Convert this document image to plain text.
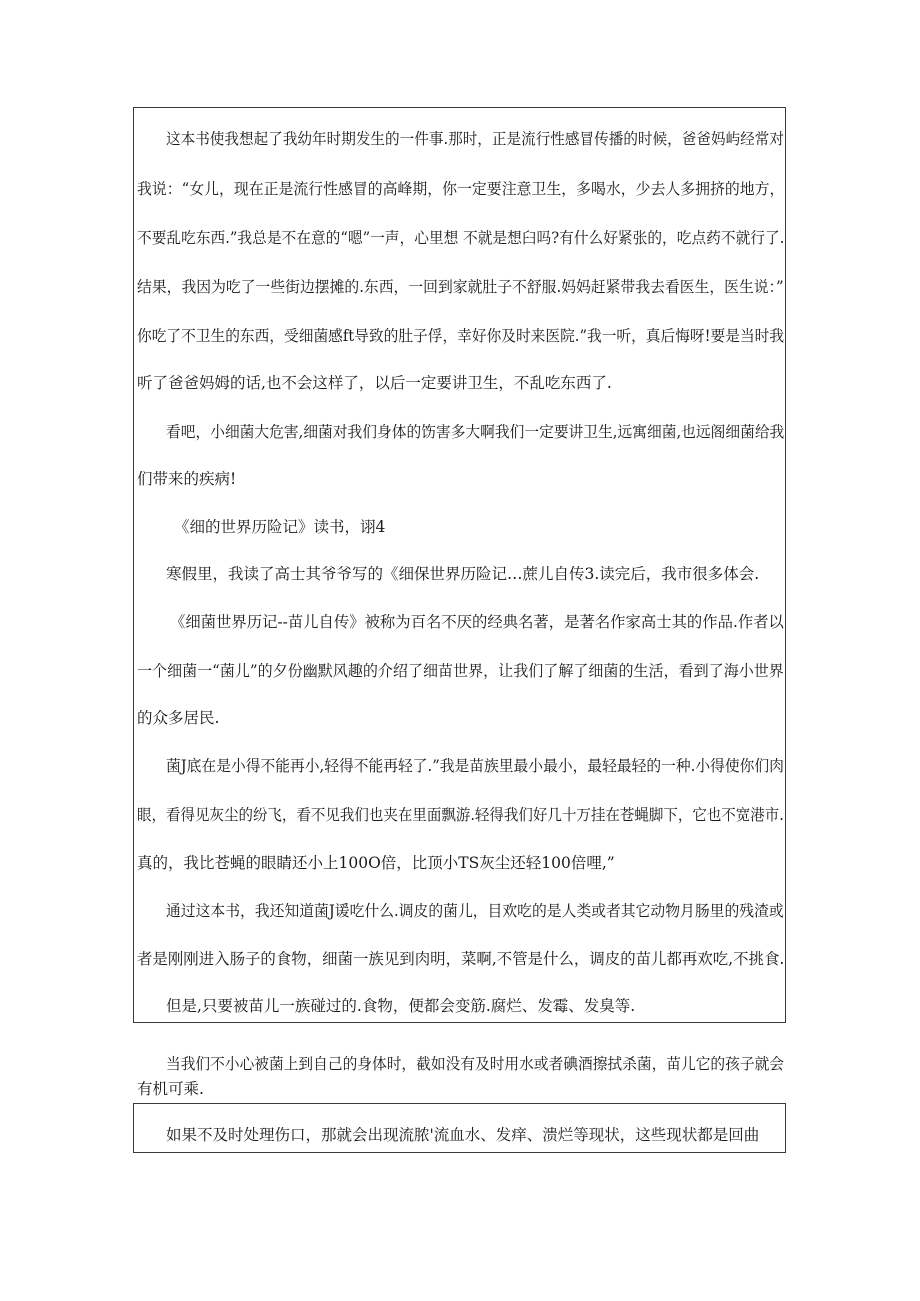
这本书使我想起了我幼年时期发生的一件事.那时，正是流行性感冒传播的时候，爸爸妈屿经常对

我说：“女儿，现在正是流行性感冒的高峰期，你一定要注意卫生，多喝水，少去人多拥挤的地方，

不要乱吃东西.”我总是不在意的“嗯”一声，心里想 不就是想臼吗?有什么好紧张的，吃点药不就行了.

结果，我因为吃了一些街边摆摊的.东西，一回到家就肚子不舒服.妈妈赶紧带我去看医生，医生说：”

你吃了不卫生的东西，受细菌感ft导致的肚子俘，幸好你及时来医院.”我一听，真后悔呀!要是当时我

听了爸爸妈姆的话,也不会这样了，以后一定要讲卫生，不乱吃东西了.

看吧，小细菌大危害,细菌对我们身体的饬害多大啊我们一定要讲卫生,远寓细菌,也远阁细菌给我

们带来的疾病!

《细的世界历险记》读书，诩4

寒假里，我读了高士其爷爷写的《细保世界历险记…蔗儿自传3.读完后，我市很多体会.

《细菌世界历记--苗儿自传》被称为百名不厌的经典名著，是著名作家高士其的作品.作者以

一个细菌一“菌儿”的夕份幽默风趣的介绍了细苗世界，让我们了解了细菌的生活，看到了海小世界

的众多居民.

菌J底在是小得不能再小,轻得不能再轻了.”我是苗族里最小最小，最轻最轻的一种.小得使你们肉

眼，看得见灰尘的纷飞，看不见我们也夹在里面飘游.轻得我们好几十万挂在苍蝇脚下，它也不宽港市.

真的，我比苍蝇的眼睛还小上100O倍，比顶小TS灰尘还轻100倍哩,”

通过这本书，我还知道菌J谖吃什么.调皮的菌儿，目欢吃的是人类或者其它动物月肠里的残渣或

者是刚刚进入肠子的食物，细菌一族见到肉明，菜啊,不管是什么，调皮的苗儿都再欢吃,不挑食.

但是,只要被苗儿一族碰过的.食物，便都会变筋.腐烂、发霉、发臭等.

当我们不小心被菌上到自己的身体时，截如没有及时用水或者碘酒擦拭杀菌，苗儿它的孩子就会

有机可乘.

如果不及时处理伤口，那就会出现流脓'流血水、发痒、溃烂等现状，这些现状都是回曲
